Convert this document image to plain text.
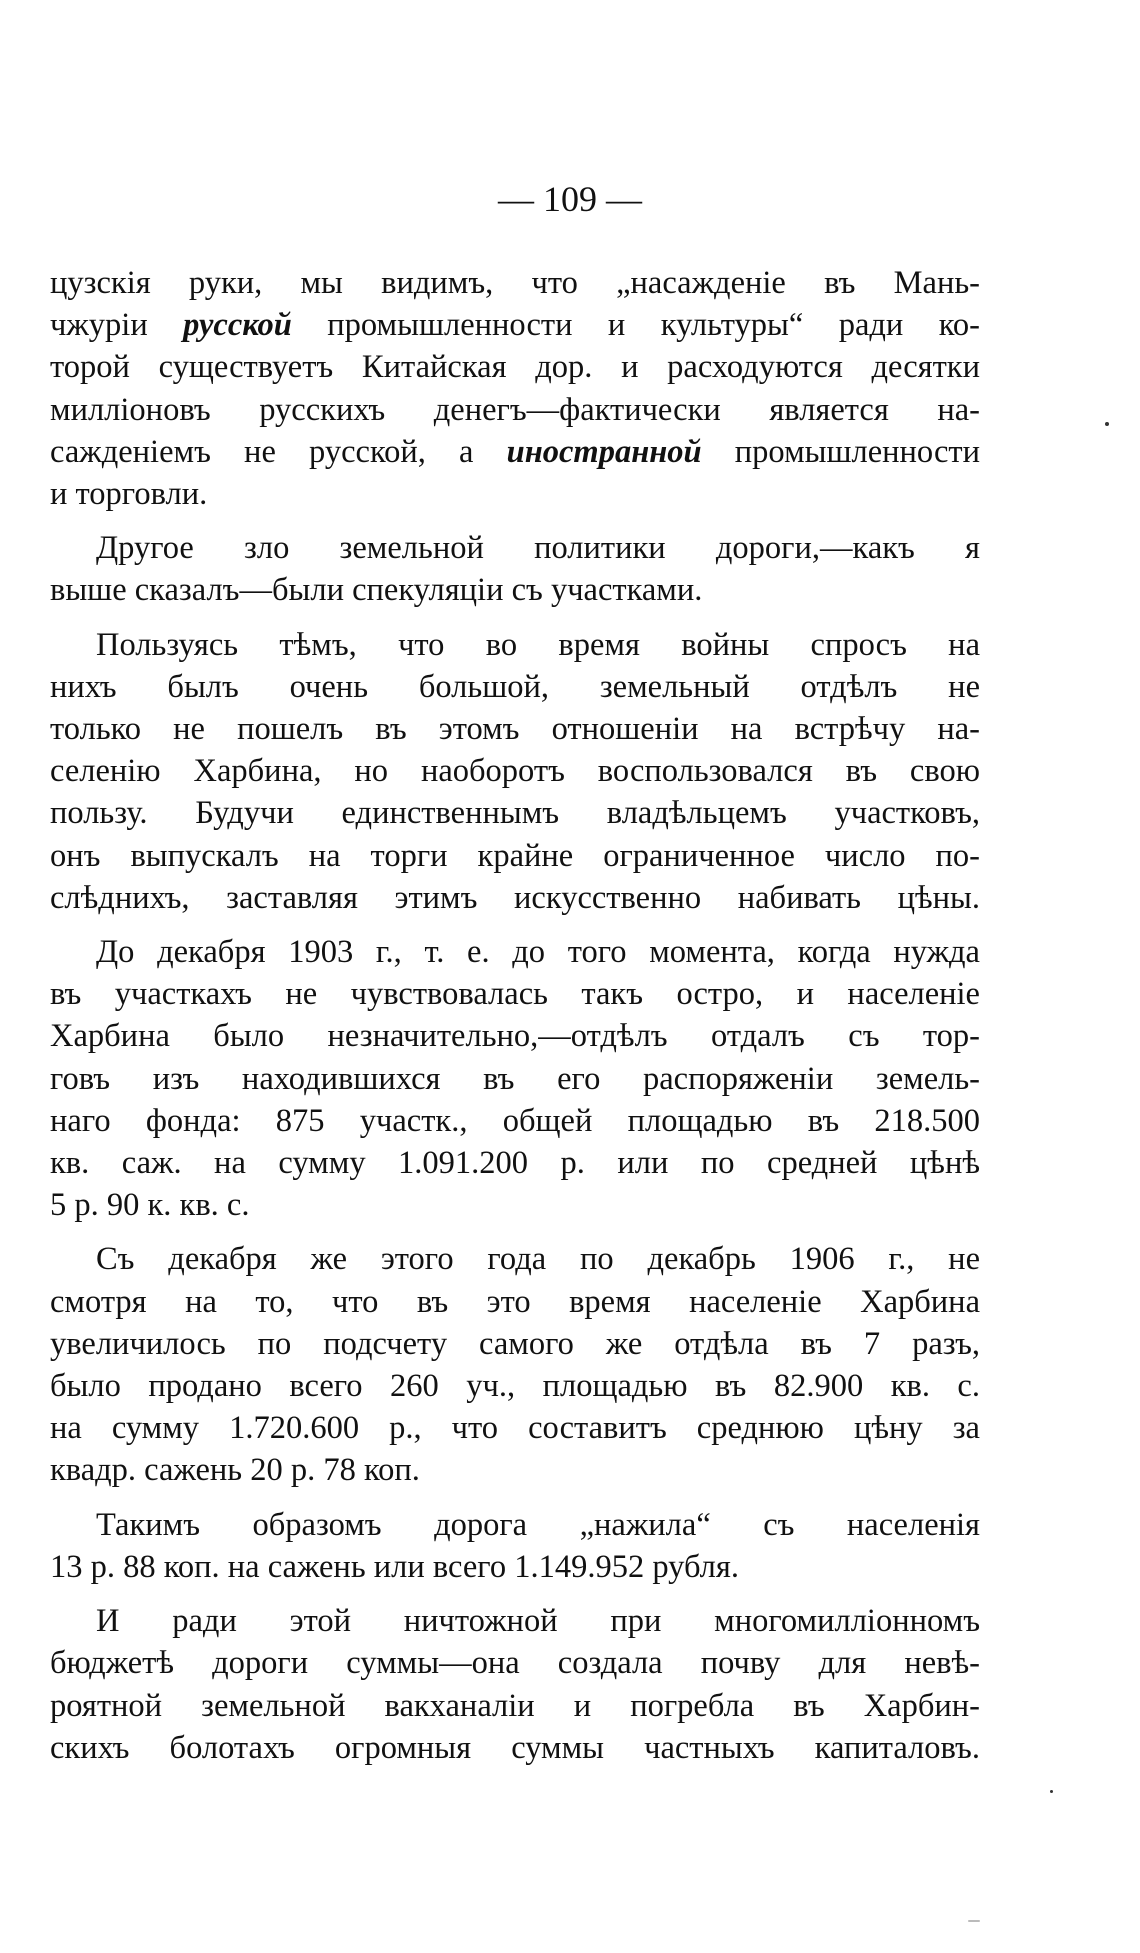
— 109 —

цузскія руки, мы видимъ, что „насажденіе въ Мань-
чжуріи русской промышленности и культуры“ ради ко-
торой существуетъ Китайская дор. и расходуются десятки
милліоновъ русскихъ денегъ—фактически является на-
сажденіемъ не русской, а иностранной промышленности
и торговли.

Другое зло земельной политики дороги,—какъ я
выше сказалъ—были спекуляціи съ участками.

Пользуясь тѣмъ, что во время войны спросъ на
нихъ былъ очень большой, земельный отдѣлъ не
только не пошелъ въ этомъ отношеніи на встрѣчу на-
селенію Харбина, но наоборотъ воспользовался въ свою
пользу. Будучи единственнымъ владѣльцемъ участковъ,
онъ выпускалъ на торги крайне ограниченное число по-
слѣднихъ, заставляя этимъ искусственно набивать цѣны.

До декабря 1903 г., т. е. до того момента, когда нужда
въ участкахъ не чувствовалась такъ остро, и населеніе
Харбина было незначительно,—отдѣлъ отдалъ съ тор-
говъ изъ находившихся въ его распоряженіи земель-
наго фонда: 875 участк., общей площадью въ 218.500
кв. саж. на сумму 1.091.200 р. или по средней цѣнѣ
5 р. 90 к. кв. с.

Съ декабря же этого года по декабрь 1906 г., не
смотря на то, что въ это время населеніе Харбина
увеличилось по подсчету самого же отдѣла въ 7 разъ,
было продано всего 260 уч., площадью въ 82.900 кв. с.
на сумму 1.720.600 р., что составитъ среднюю цѣну за
квадр. сажень 20 р. 78 коп.

Такимъ образомъ дорога „нажила“ съ населенія
13 р. 88 коп. на сажень или всего 1.149.952 рубля.

И ради этой ничтожной при многомилліонномъ
бюджетѣ дороги суммы—она создала почву для невѣ-
роятной земельной вакханаліи и погребла въ Харбин-
скихъ болотахъ огромныя суммы частныхъ капиталовъ.
